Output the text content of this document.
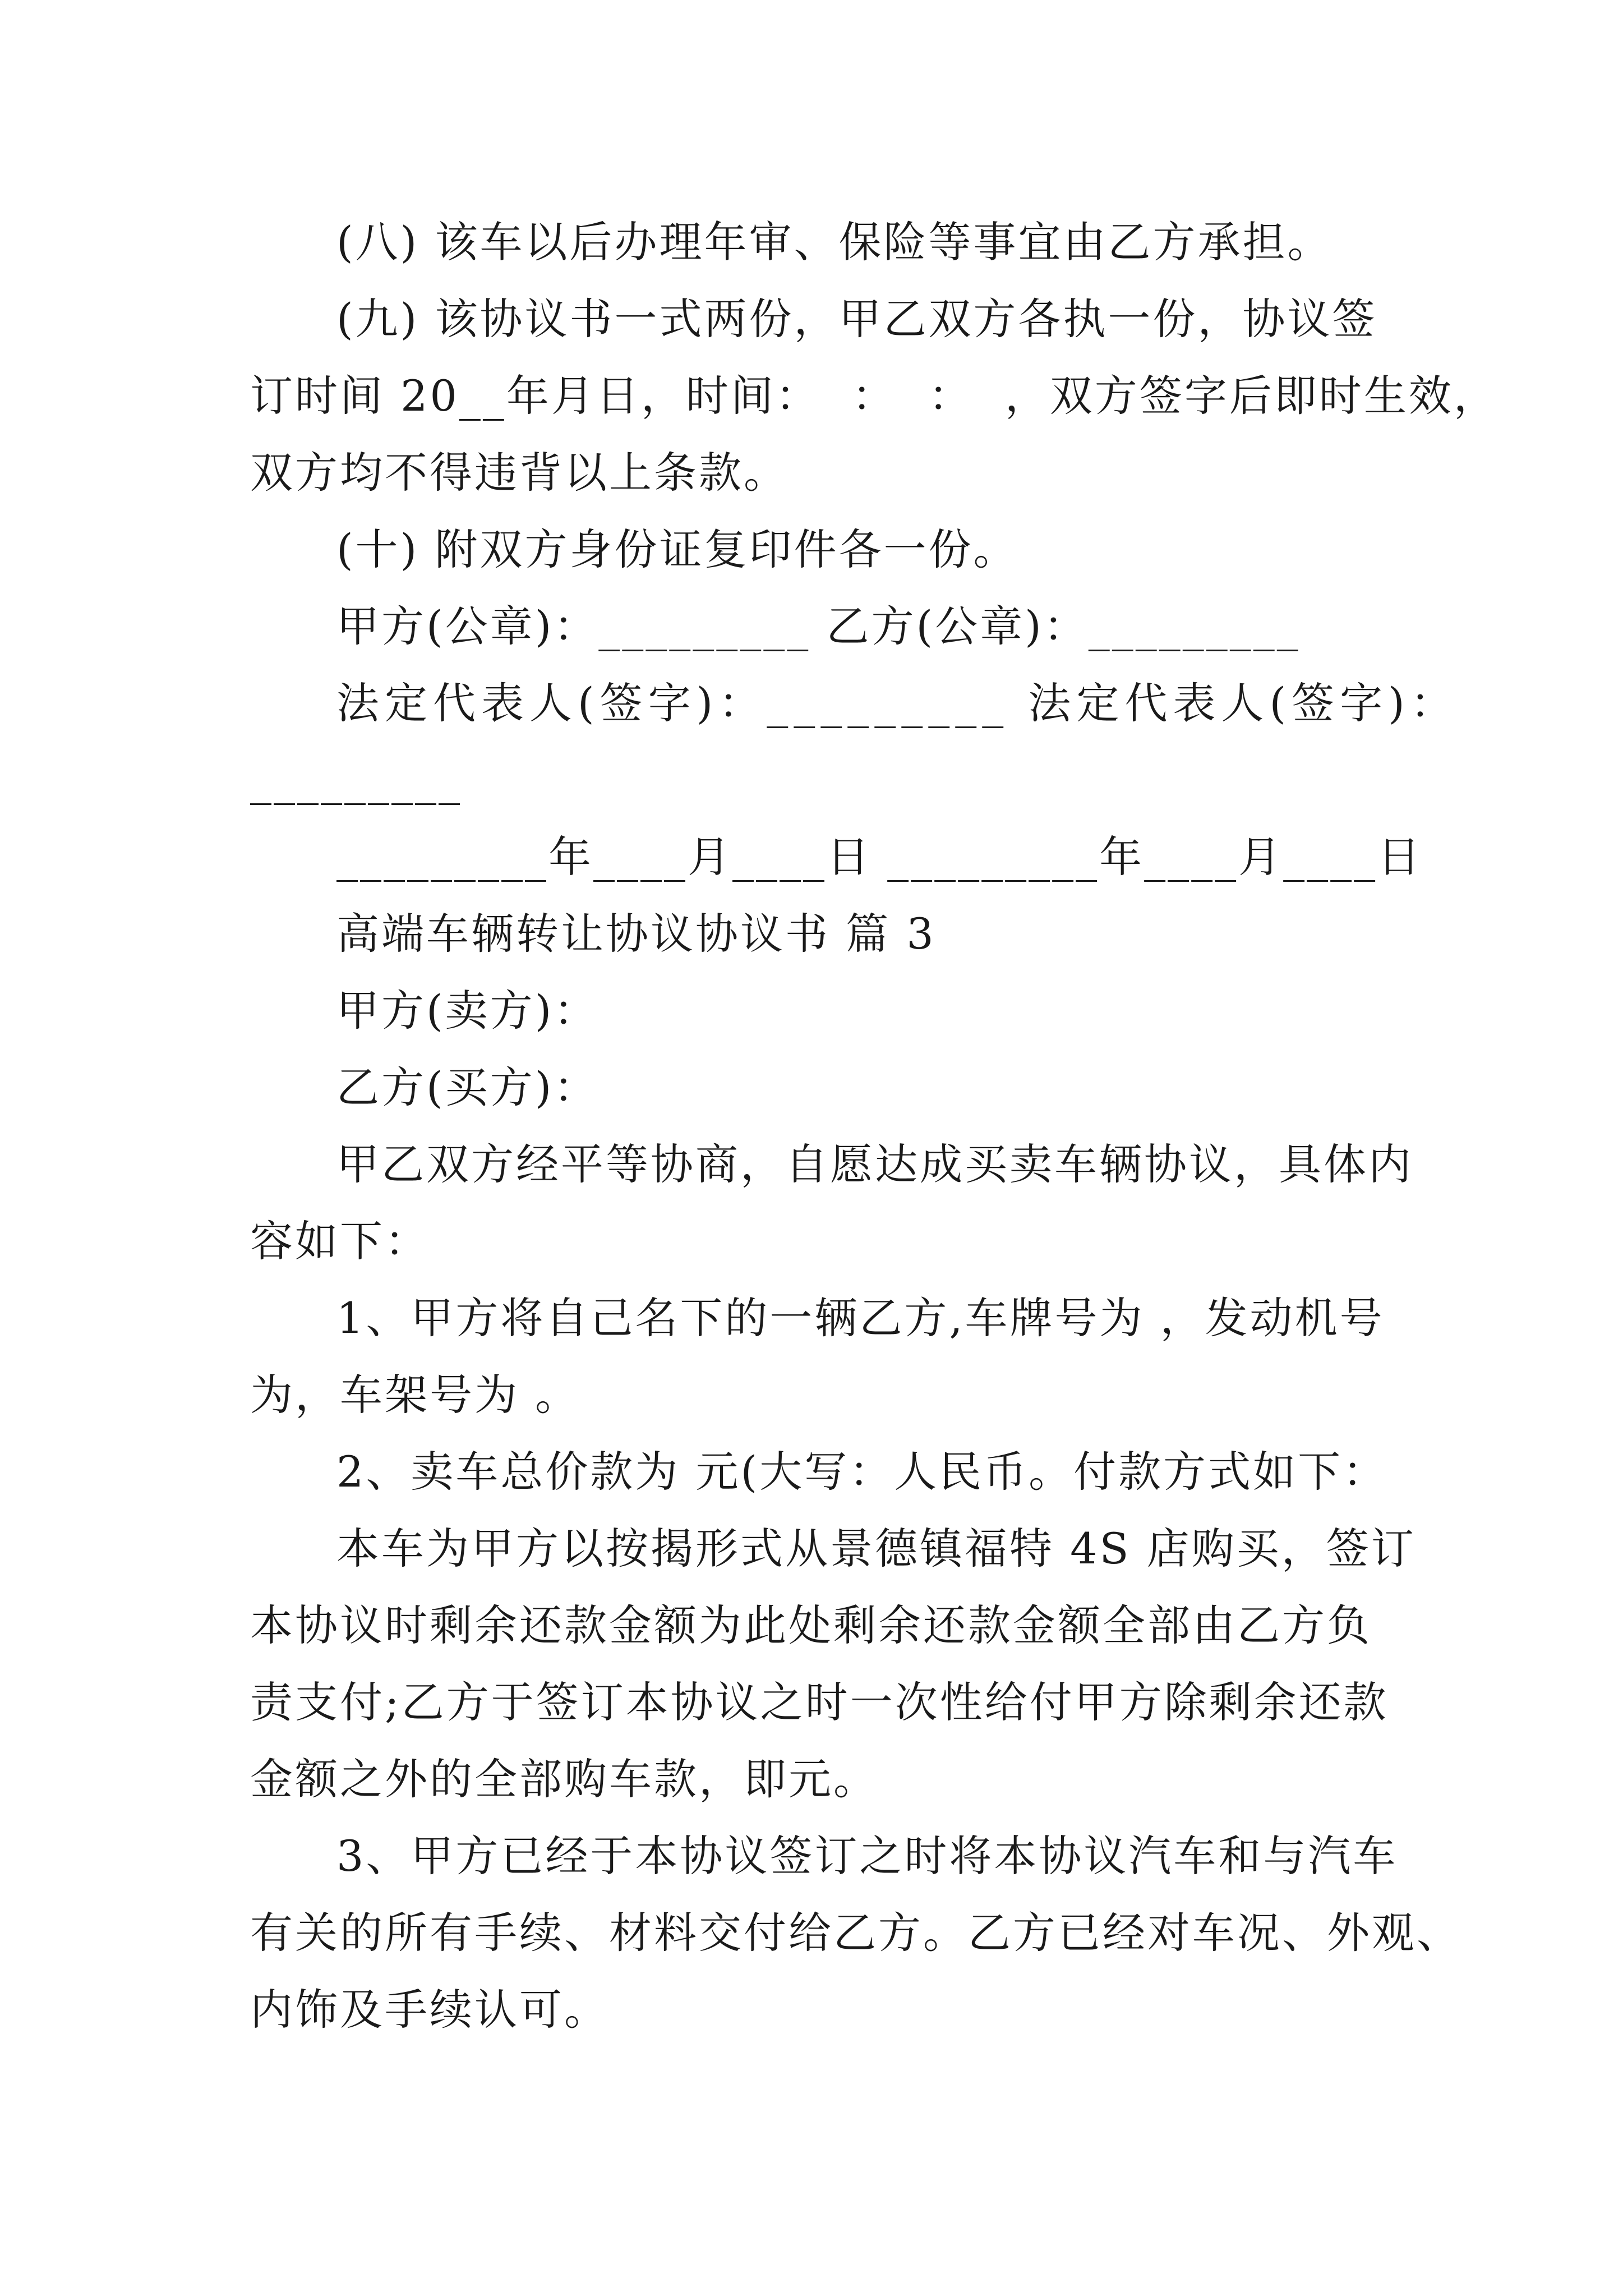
(八) 该车以后办理年审、保险等事宜由乙方承担。
(九) 该协议书一式两份，甲乙双方各执一份，协议签
订时间 20__年月日，时间：  ：  ：  ，双方签字后即时生效，
双方均不得违背以上条款。
(十) 附双方身份证复印件各一份。
甲方(公章)：_________ 乙方(公章)：_________
法定代表人(签字)：_________ 法定代表人(签字)：
_________
_________年____月____日 _________年____月____日
高端车辆转让协议协议书 篇 3
甲方(卖方)：
乙方(买方)：
甲乙双方经平等协商，自愿达成买卖车辆协议，具体内
容如下：
1、甲方将自己名下的一辆乙方,车牌号为 ，发动机号
为，车架号为 。
2、卖车总价款为 元(大写：人民币。付款方式如下：
本车为甲方以按揭形式从景德镇福特 4S 店购买，签订
本协议时剩余还款金额为此处剩余还款金额全部由乙方负
责支付;乙方于签订本协议之时一次性给付甲方除剩余还款
金额之外的全部购车款，即元。
3、甲方已经于本协议签订之时将本协议汽车和与汽车
有关的所有手续、材料交付给乙方。乙方已经对车况、外观、
内饰及手续认可。
